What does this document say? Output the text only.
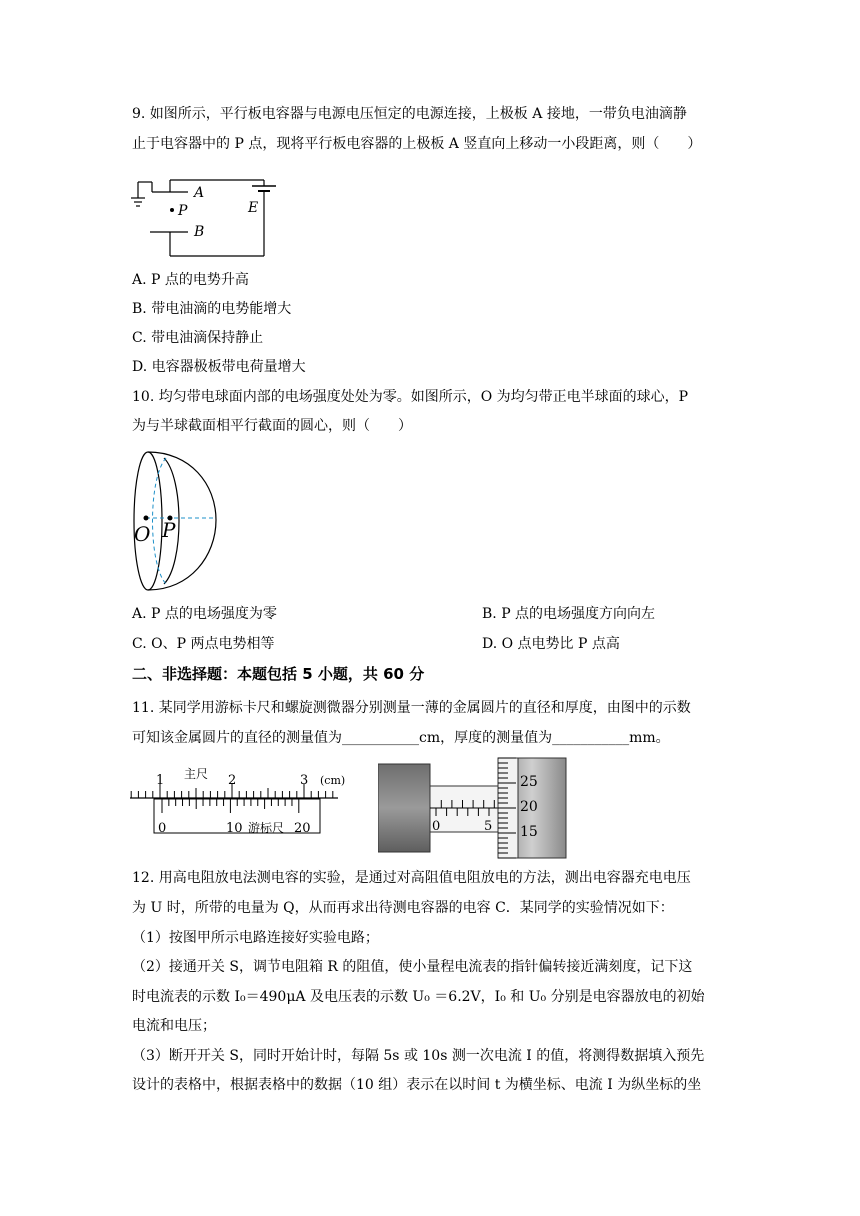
9. 如图所示，平行板电容器与电源电压恒定的电源连接，上极板 A 接地，一带负电油滴静
止于电容器中的 P 点，现将平行板电容器的上极板 A 竖直向上移动一小段距离，则（　　）
A
P
B
E
A. P 点的电势升高
B. 带电油滴的电势能增大
C. 带电油滴保持静止
D. 电容器极板带电荷量增大
10. 均匀带电球面内部的电场强度处处为零。如图所示，O 为均匀带正电半球面的球心，P
为与半球截面相平行截面的圆心，则（　　）
O P
A. P 点的电场强度为零	B. P 点的电场强度方向向左
C. O、P 两点电势相等	D. O 点电势比 P 点高
二、非选择题：本题包括 5 小题，共 60 分
11. 某同学用游标卡尺和螺旋测微器分别测量一薄的金属圆片的直径和厚度，由图中的示数
可知该金属圆片的直径的测量值为___________cm，厚度的测量值为___________mm。
1	2	3
主尺	(cm)
0	10	20
游标尺	0	5
25
20
15
12. 用高电阻放电法测电容的实验，是通过对高阻值电阻放电的方法，测出电容器充电电压
为 U 时，所带的电量为 Q，从而再求出待测电容器的电容 C．某同学的实验情况如下：
（1）按图甲所示电路连接好实验电路；
（2）接通开关 S，调节电阻箱 R 的阻值，使小量程电流表的指针偏转接近满刻度，记下这
时电流表的示数 I₀＝490μA 及电压表的示数 U₀ ＝6.2V，I₀ 和 U₀ 分别是电容器放电的初始
电流和电压；
（3）断开开关 S，同时开始计时，每隔 5s 或 10s 测一次电流 I 的值，将测得数据填入预先
设计的表格中，根据表格中的数据（10 组）表示在以时间 t 为横坐标、电流 I 为纵坐标的坐
